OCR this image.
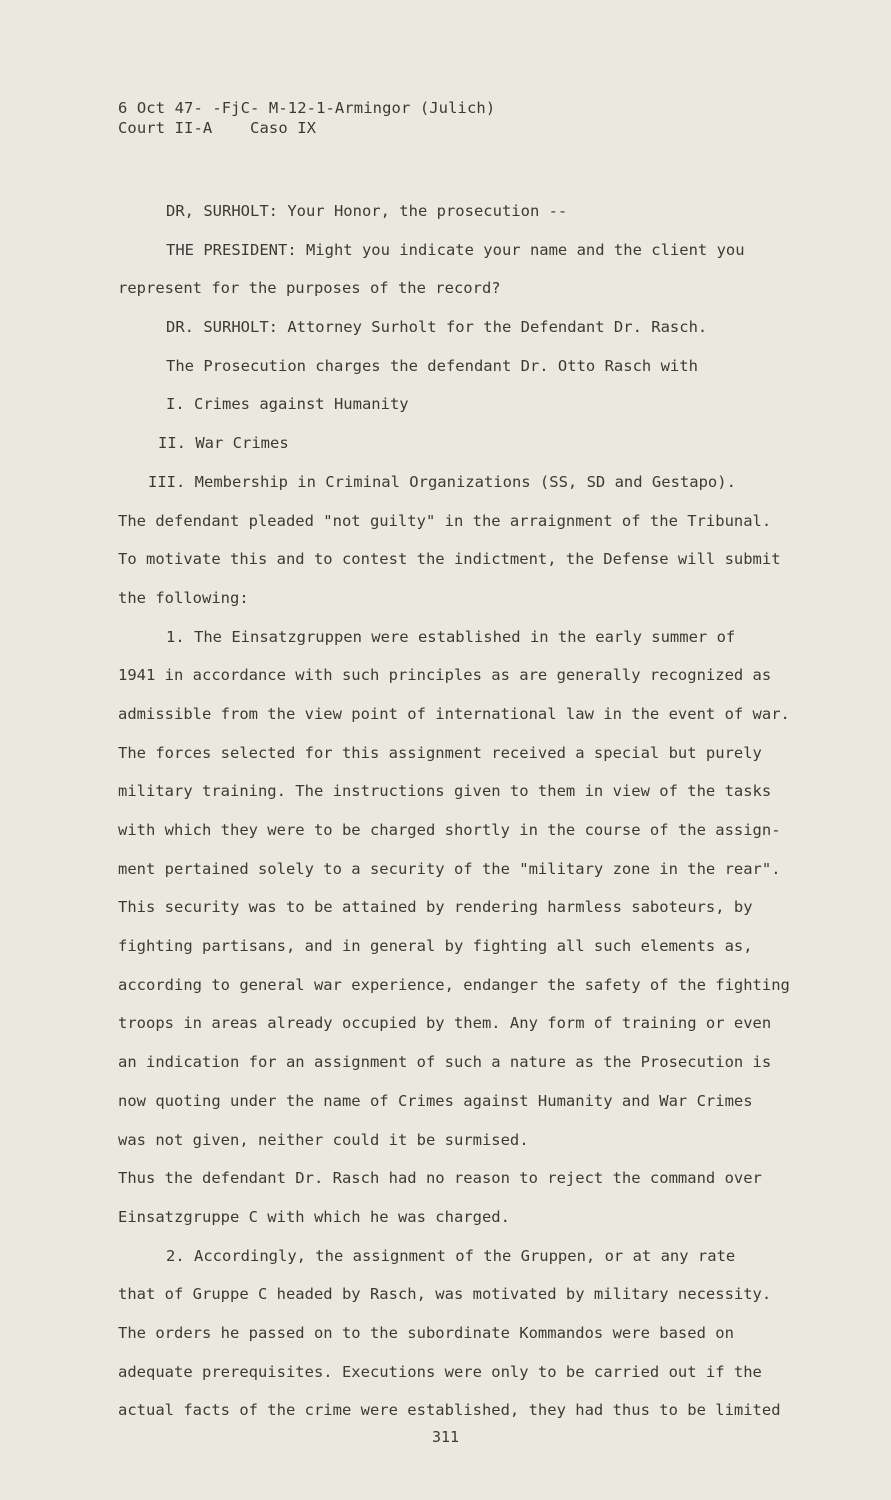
6 Oct 47- -FjC- M-12-1-Armingor (Julich)
Court II-A    Caso IX
DR, SURHOLT: Your Honor, the prosecution --
THE PRESIDENT: Might you indicate your name and the client you
represent for the purposes of the record?
DR. SURHOLT: Attorney Surholt for the Defendant Dr. Rasch.
The Prosecution charges the defendant Dr. Otto Rasch with
I. Crimes against Humanity
II. War Crimes
III. Membership in Criminal Organizations (SS, SD and Gestapo).
The defendant pleaded "not guilty" in the arraignment of the Tribunal.
To motivate this and to contest the indictment, the Defense will submit
the following:
1. The Einsatzgruppen were established in the early summer of
1941 in accordance with such principles as are generally recognized as
admissible from the view point of international law in the event of war.
The forces selected for this assignment received a special but purely
military training. The instructions given to them in view of the tasks
with which they were to be charged shortly in the course of the assign-
ment pertained solely to a security of the "military zone in the rear".
This security was to be attained by rendering harmless saboteurs, by
fighting partisans, and in general by fighting all such elements as,
according to general war experience, endanger the safety of the fighting
troops in areas already occupied by them. Any form of training or even
an indication for an assignment of such a nature as the Prosecution is
now quoting under the name of Crimes against Humanity and War Crimes
was not given, neither could it be surmised.
Thus the defendant Dr. Rasch had no reason to reject the command over
Einsatzgruppe C with which he was charged.
2. Accordingly, the assignment of the Gruppen, or at any rate
that of Gruppe C headed by Rasch, was motivated by military necessity.
The orders he passed on to the subordinate Kommandos were based on
adequate prerequisites. Executions were only to be carried out if the
actual facts of the crime were established, they had thus to be limited
311
